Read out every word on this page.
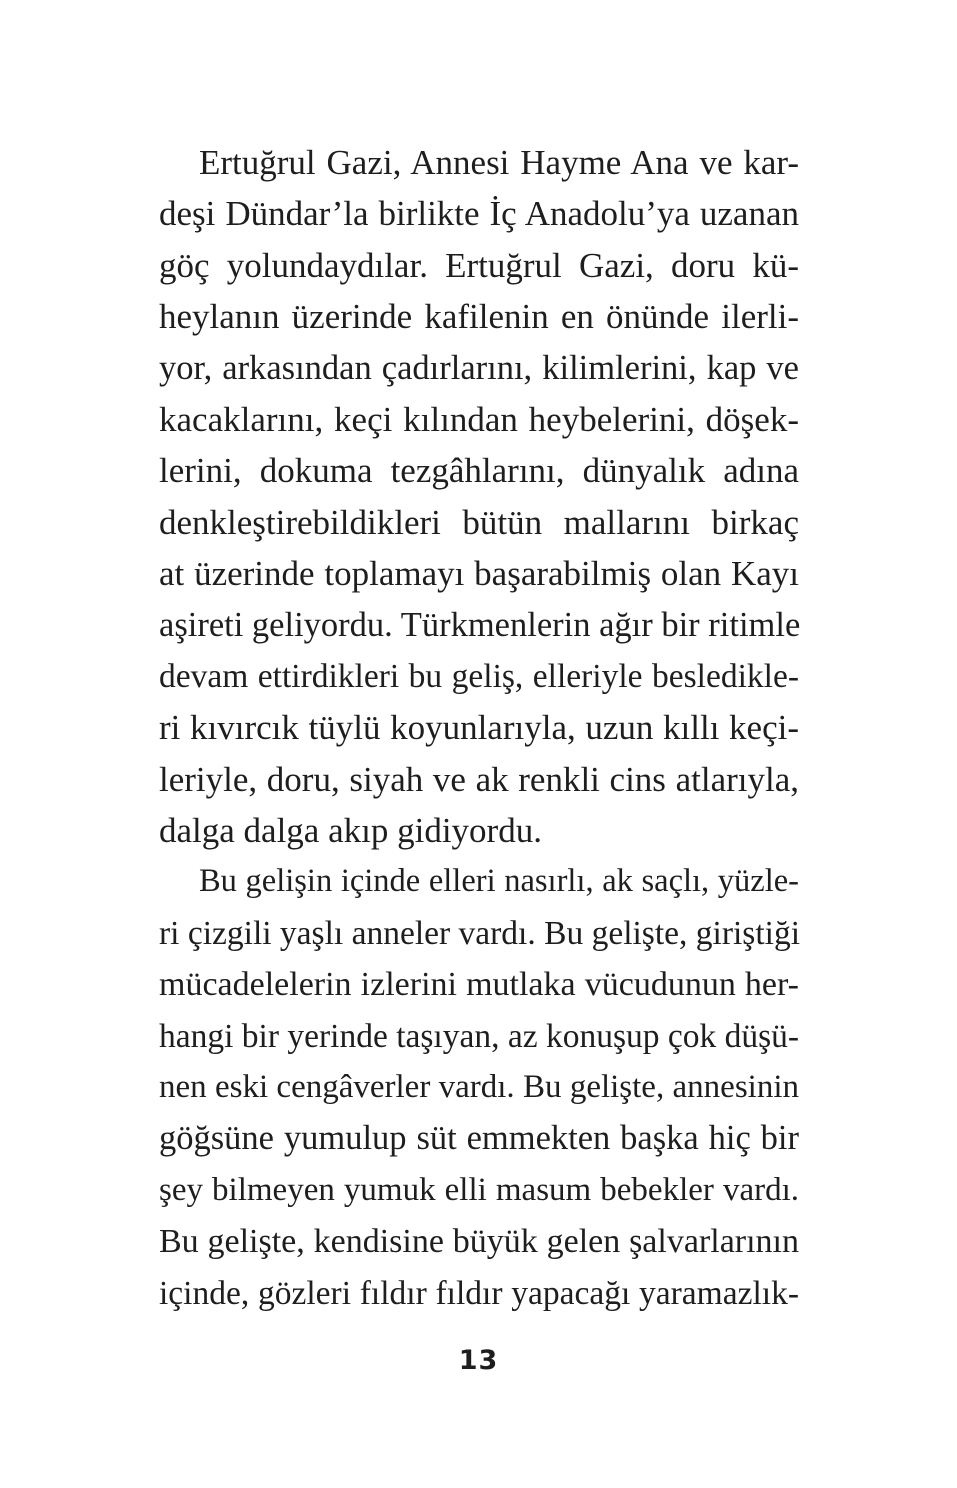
Ertuğrul Gazi, Annesi Hayme Ana ve kar-
deşi Dündar’la birlikte İç Anadolu’ya uzanan
göç yolundaydılar. Ertuğrul Gazi, doru kü-
heylanın üzerinde kafilenin en önünde ilerli-
yor, arkasından çadırlarını, kilimlerini, kap ve
kacaklarını, keçi kılından heybelerini, döşek-
lerini, dokuma tezgâhlarını, dünyalık adına
denkleştirebildikleri bütün mallarını birkaç
at üzerinde toplamayı başarabilmiş olan Kayı
aşireti geliyordu. Türkmenlerin ağır bir ritimle
devam ettirdikleri bu geliş, elleriyle besledikle-
ri kıvırcık tüylü koyunlarıyla, uzun kıllı keçi-
leriyle, doru, siyah ve ak renkli cins atlarıyla,
dalga dalga akıp gidiyordu.
Bu gelişin içinde elleri nasırlı, ak saçlı, yüzle-
ri çizgili yaşlı anneler vardı. Bu gelişte, giriştiği
mücadelelerin izlerini mutlaka vücudunun her-
hangi bir yerinde taşıyan, az konuşup çok düşü-
nen eski cengâverler vardı. Bu gelişte, annesinin
göğsüne yumulup süt emmekten başka hiç bir
şey bilmeyen yumuk elli masum bebekler vardı.
Bu gelişte, kendisine büyük gelen şalvarlarının
içinde, gözleri fıldır fıldır yapacağı yaramazlık-
13
